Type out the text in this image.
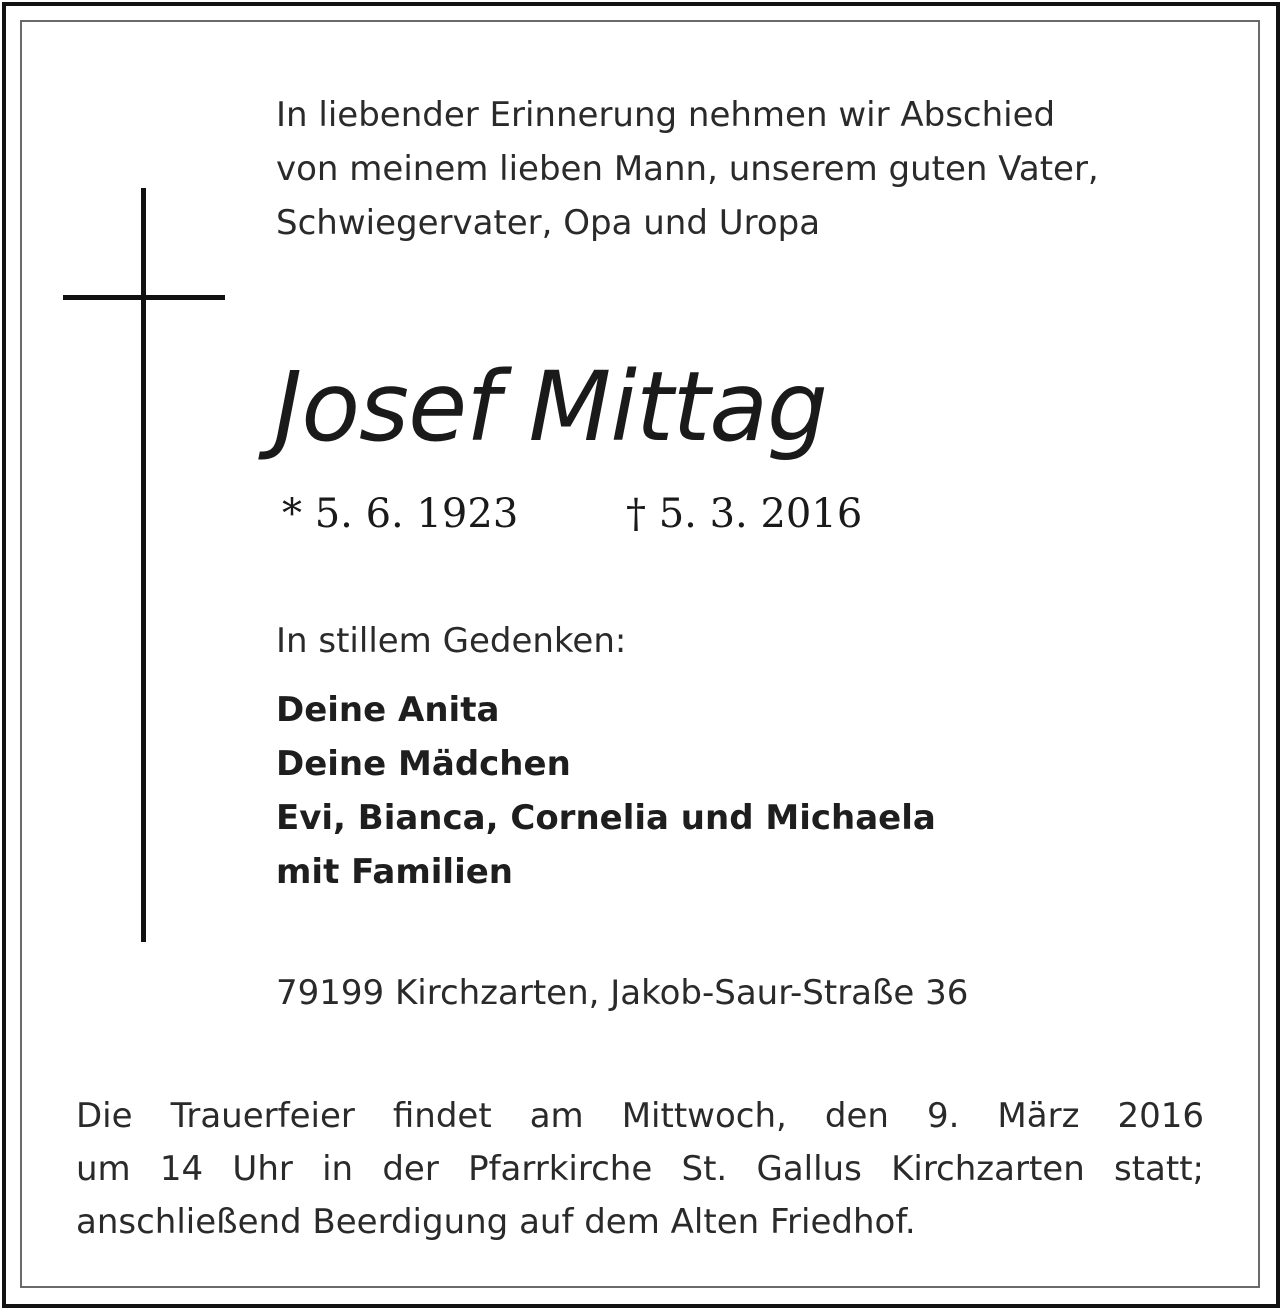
In liebender Erinnerung nehmen wir Abschied
von meinem lieben Mann, unserem guten Vater,
Schwiegervater, Opa und Uropa
Josef Mittag
* 5. 6. 1923	† 5. 3. 2016
In stillem Gedenken:
Deine Anita
Deine Mädchen
Evi, Bianca, Cornelia und Michaela
mit Familien
79199 Kirchzarten, Jakob-Saur-Straße 36
Die Trauerfeier findet am Mittwoch, den 9. März 2016
um 14 Uhr in der Pfarrkirche St. Gallus Kirchzarten statt;
anschließend Beerdigung auf dem Alten Friedhof.
